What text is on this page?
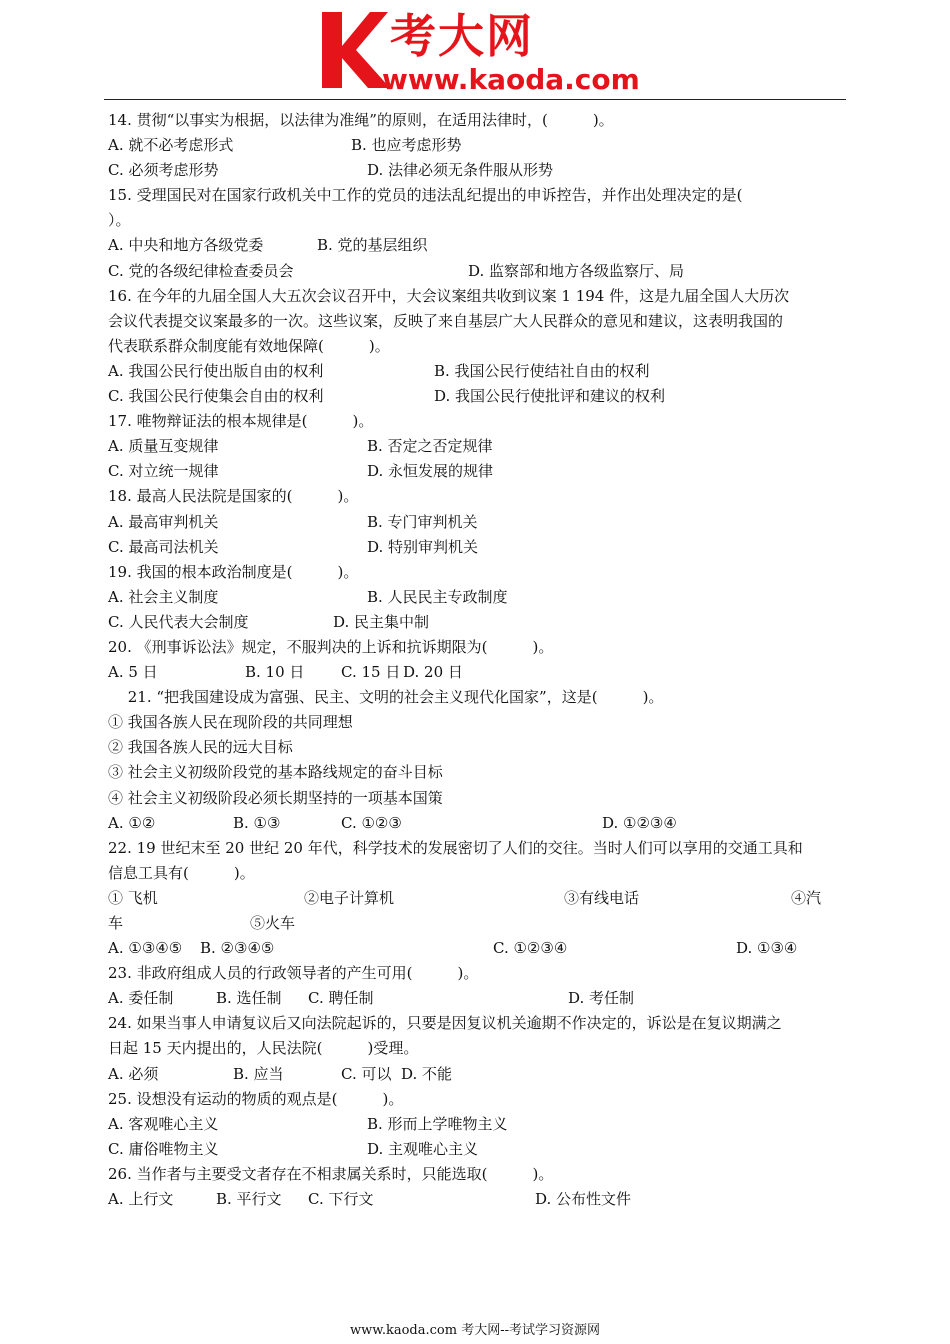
考大网
www.kaoda.com
14. 贯彻“以事实为根据，以法律为准绳”的原则，在适用法律时，(　　　)。
A. 就不必考虑形式	B. 也应考虑形势
C. 必须考虑形势	D. 法律必须无条件服从形势
15. 受理国民对在国家行政机关中工作的党员的违法乱纪提出的申诉控告，并作出处理决定的是(
）。
A. 中央和地方各级党委	B. 党的基层组织
C. 党的各级纪律检查委员会	D. 监察部和地方各级监察厅、局
16. 在今年的九届全国人大五次会议召开中，大会议案组共收到议案 1 194 件，这是九届全国人大历次
会议代表提交议案最多的一次。这些议案，反映了来自基层广大人民群众的意见和建议，这表明我国的
代表联系群众制度能有效地保障(　　　)。
A. 我国公民行使出版自由的权利	B. 我国公民行使结社自由的权利
C. 我国公民行使集会自由的权利	D. 我国公民行使批评和建议的权利
17. 唯物辩证法的根本规律是(　　　)。
A. 质量互变规律	B. 否定之否定规律
C. 对立统一规律	D. 永恒发展的规律
18. 最高人民法院是国家的(　　　)。
A. 最高审判机关	B. 专门审判机关
C. 最高司法机关	D. 特别审判机关
19. 我国的根本政治制度是(　　　)。
A. 社会主义制度	B. 人民民主专政制度
C. 人民代表大会制度	D. 民主集中制
20. 《刑事诉讼法》规定，不服判决的上诉和抗诉期限为(　　　)。
A. 5 日	B. 10 日 C. 15 日 D. 20 日
　 21. “把我国建设成为富强、民主、文明的社会主义现代化国家”，这是(　　　)。
① 我国各族人民在现阶段的共同理想
② 我国各族人民的远大目标
③ 社会主义初级阶段党的基本路线规定的奋斗目标
④ 社会主义初级阶段必须长期坚持的一项基本国策
A. ①②	B. ①③	C. ①②③	D. ①②③④
22. 19 世纪末至 20 世纪 20 年代，科学技术的发展密切了人们的交往。当时人们可以享用的交通工具和
信息工具有(　　　)。
① 飞机	②电子计算机	③有线电话	④汽
车	⑤火车
A. ①③④⑤ B. ②③④⑤	C. ①②③④	D. ①③④
23. 非政府组成人员的行政领导者的产生可用(　　　)。
A. 委任制	B. 选任制 C. 聘任制	D. 考任制
24. 如果当事人申请复议后又向法院起诉的，只要是因复议机关逾期不作决定的，诉讼是在复议期满之
日起 15 天内提出的，人民法院(　　　)受理。
A. 必须	B. 应当	C. 可以 D. 不能
25. 设想没有运动的物质的观点是(　　　)。
A. 客观唯心主义	B. 形而上学唯物主义
C. 庸俗唯物主义	D. 主观唯心主义
26. 当作者与主要受文者存在不相隶属关系时，只能选取(　　　)。
A. 上行文	B. 平行文 C. 下行文	D. 公布性文件
www.kaoda.com 考大网--考试学习资源网
